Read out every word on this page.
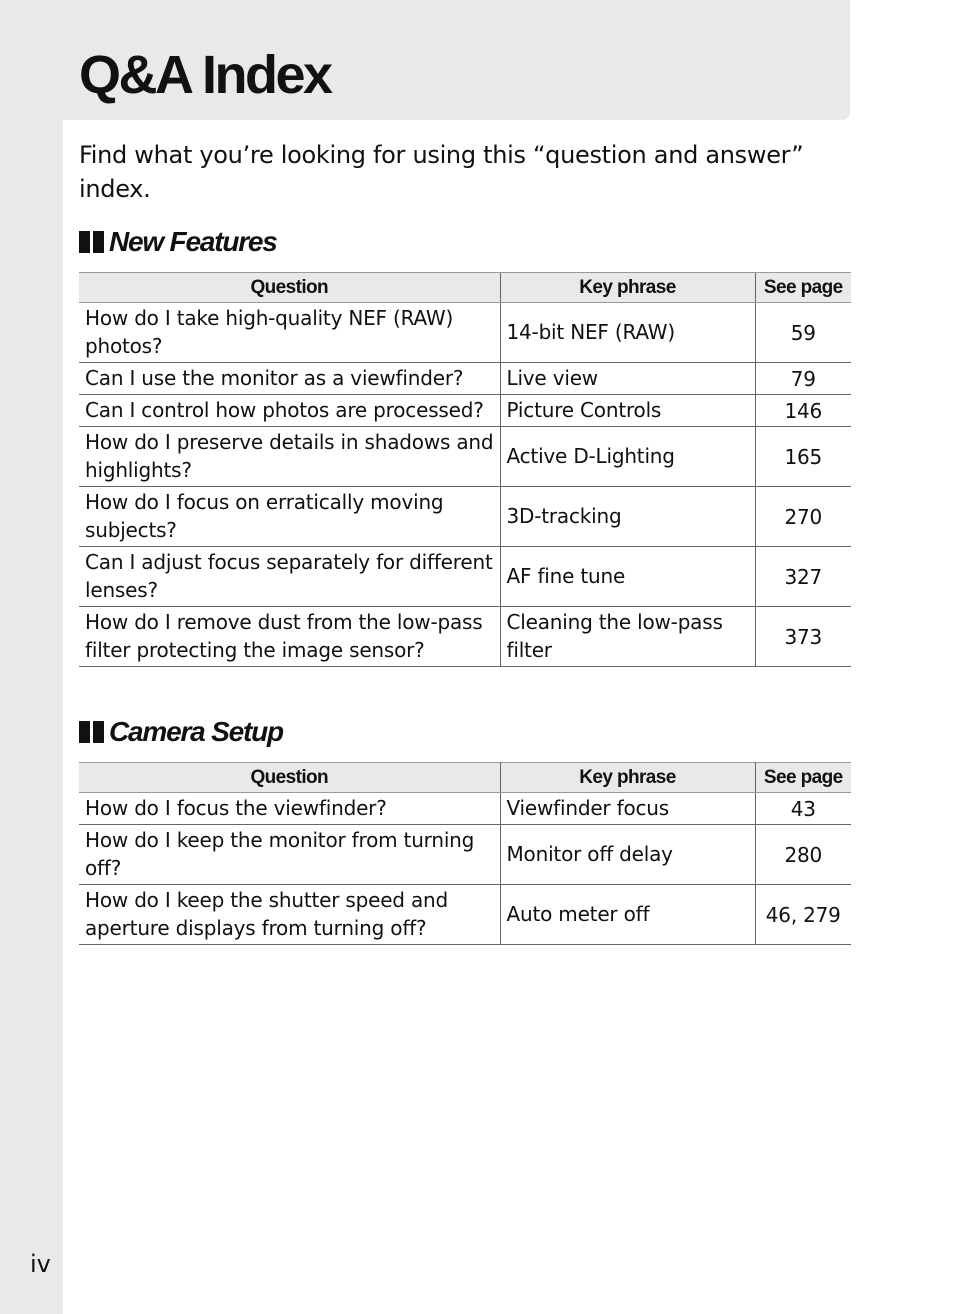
Q&A Index

Find what you’re looking for using this “question and answer” index.

New Features
Question	Key phrase	See page
How do I take high-quality NEF (RAW) photos?	14-bit NEF (RAW)	59
Can I use the monitor as a viewfinder?	Live view	79
Can I control how photos are processed?	Picture Controls	146
How do I preserve details in shadows and highlights?	Active D-Lighting	165
How do I focus on erratically moving subjects?	3D-tracking	270
Can I adjust focus separately for different lenses?	AF fine tune	327
How do I remove dust from the low-pass filter protecting the image sensor?	Cleaning the low-pass filter	373
Camera Setup
Question	Key phrase	See page
How do I focus the viewfinder?	Viewfinder focus	43
How do I keep the monitor from turning off?	Monitor off delay	280
How do I keep the shutter speed and aperture displays from turning off?	Auto meter off	46, 279

iv
